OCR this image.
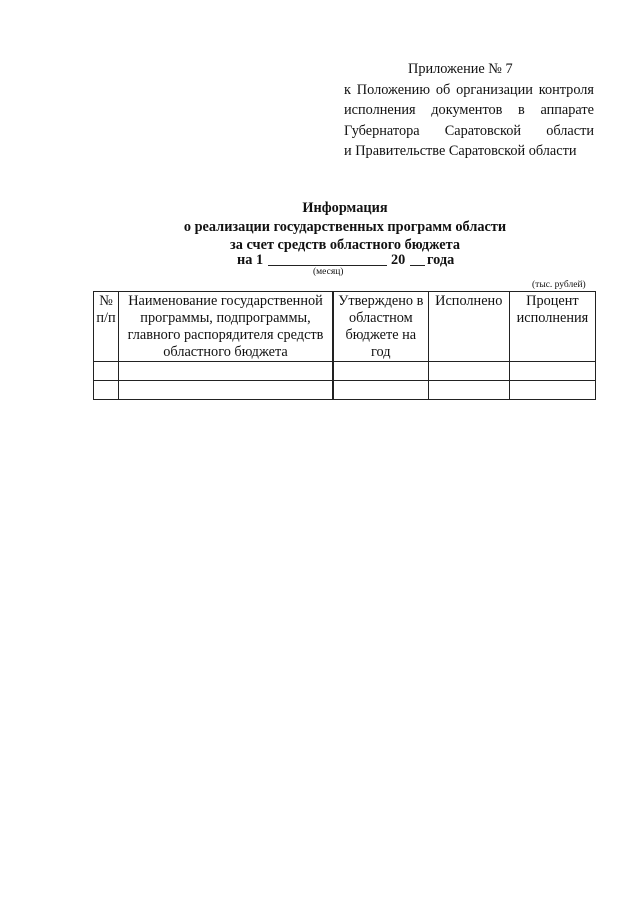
Приложение № 7
к Положению об организации контроля
исполнения документов в аппарате
Губернатора Саратовской области
и Правительстве Саратовской области
Информация
о реализации государственных программ области
за счет средств областного бюджета
на 1	20 года
(месяц)
(тыс. рублей)
№ п/п	Наименование государственной программы, подпрограммы, главного распорядителя средств областного бюджета	Утверждено в областном бюджете на год	Исполнено	Процент исполнения
